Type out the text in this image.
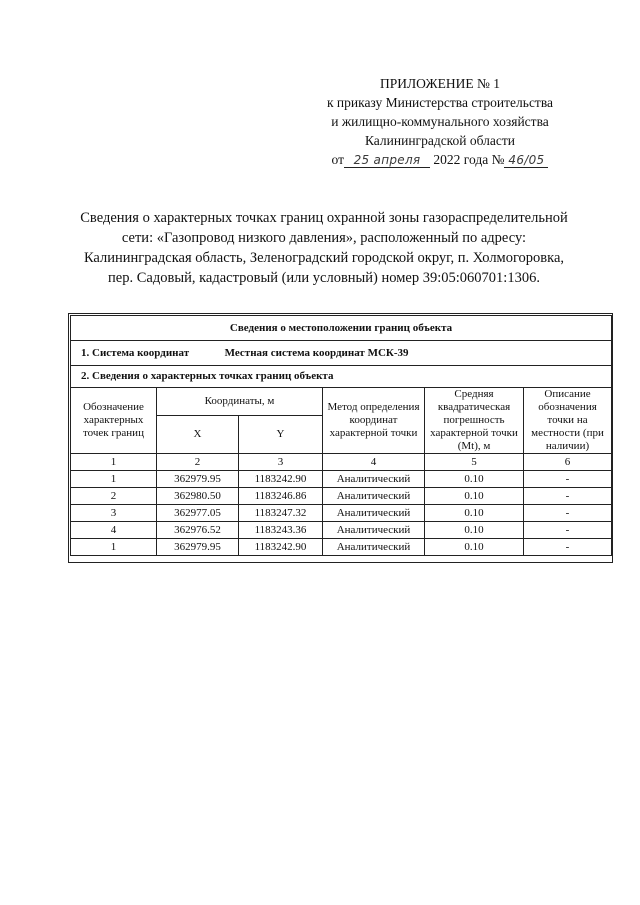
ПРИЛОЖЕНИЕ № 1
к приказу Министерства строительства
и жилищно-коммунального хозяйства
Калининградской области
от 25 апреля 2022 года № 46/05
Сведения о характерных точках границ охранной зоны газораспределительной
сети: «Газопровод низкого давления», расположенный по адресу:
Калининградская область, Зеленоградский городской округ, п. Холмогоровка,
пер. Садовый, кадастровый (или условный) номер 39:05:060701:1306.
Сведения о местоположении границ объекта					
1. Система координат Местная система координат МСК-39					
2. Сведения о характерных точках границ объекта					
Обозначение характерных точек границ	Координаты, м		Метод определения координат характерной точки	Средняя квадратическая погрешность характерной точки (Mt), м	Описание обозначения точки на местности (при наличии)
	X	Y			
1	2	3	4	5	6
1	362979.95	1183242.90	Аналитический	0.10	-
2	362980.50	1183246.86	Аналитический	0.10	-
3	362977.05	1183247.32	Аналитический	0.10	-
4	362976.52	1183243.36	Аналитический	0.10	-
1	362979.95	1183242.90	Аналитический	0.10	-
